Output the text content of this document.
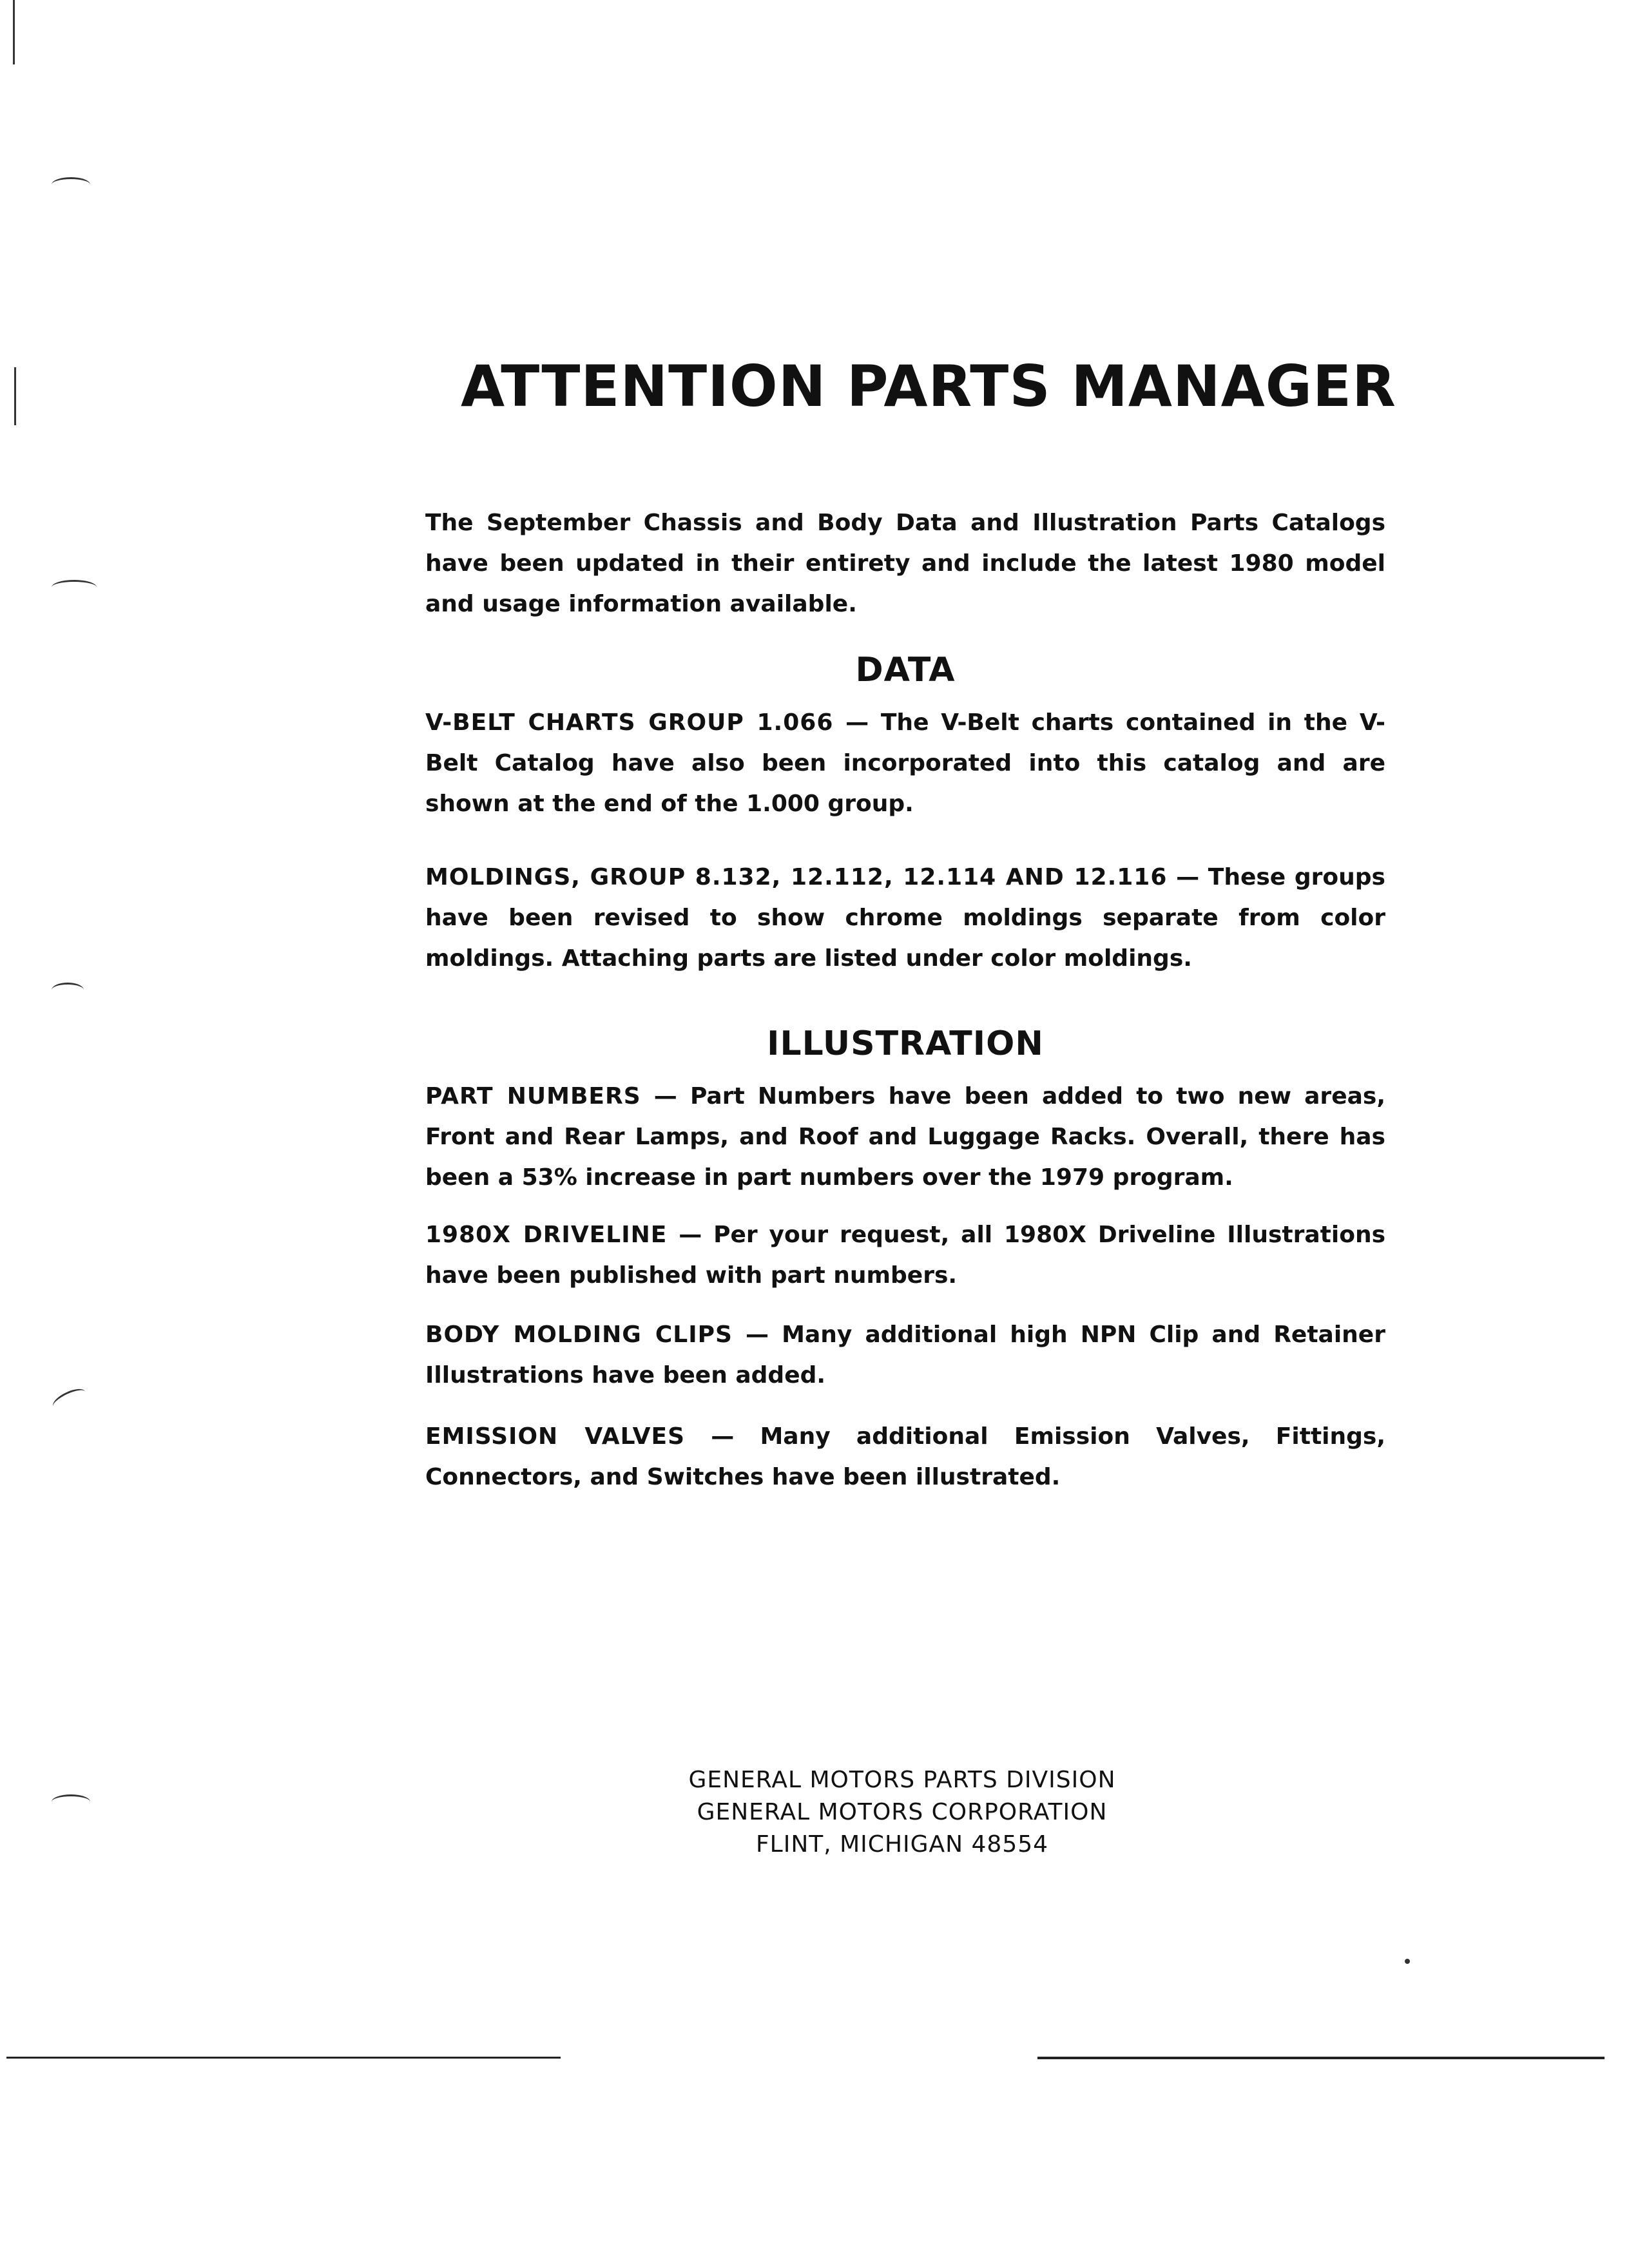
ATTENTION PARTS MANAGER

The September Chassis and Body Data and Illustration Parts Catalogs have been updated in their entirety and include the latest 1980 model and usage information available.

DATA

V-BELT CHARTS GROUP 1.066 — The V-Belt charts contained in the V-Belt Catalog have also been incorporated into this catalog and are shown at the end of the 1.000 group.

MOLDINGS, GROUP 8.132, 12.112, 12.114 AND 12.116 — These groups have been revised to show chrome moldings separate from color moldings. Attaching parts are listed under color moldings.

ILLUSTRATION

PART NUMBERS — Part Numbers have been added to two new areas, Front and Rear Lamps, and Roof and Luggage Racks. Overall, there has been a 53% increase in part numbers over the 1979 program.

1980X DRIVELINE — Per your request, all 1980X Driveline Illustrations have been published with part numbers.

BODY MOLDING CLIPS — Many additional high NPN Clip and Retainer Illustrations have been added.

EMISSION VALVES — Many additional Emission Valves, Fittings, Connectors, and Switches have been illustrated.

GENERAL MOTORS PARTS DIVISION
GENERAL MOTORS CORPORATION
FLINT, MICHIGAN 48554
